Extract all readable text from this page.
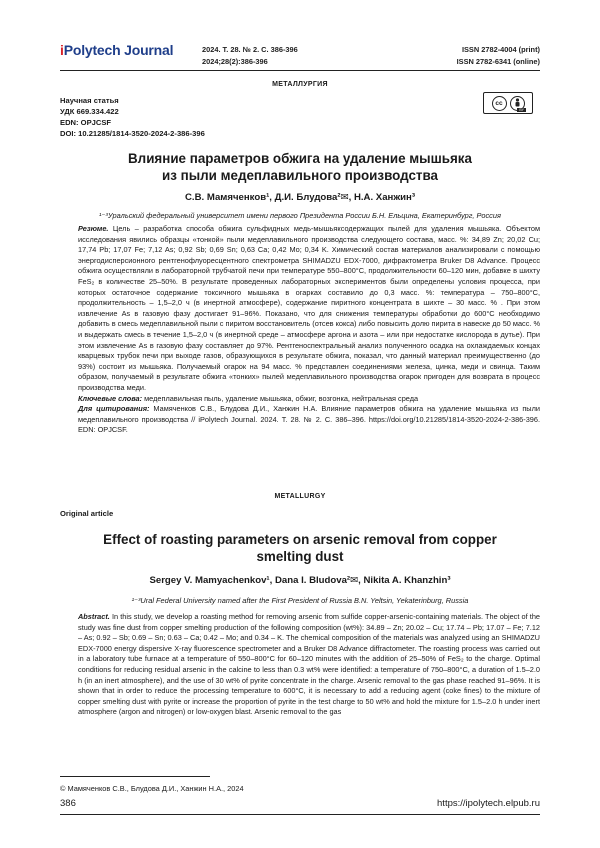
iPolytech Journal	2024. Т. 28. № 2. С. 386-396
2024;28(2):386-396
ISSN 2782-4004 (print)
ISSN 2782-6341 (online)
МЕТАЛЛУРГИЯ
Научная статья
УДК 669.334.422
EDN: OPJCSF
DOI: 10.21285/1814-3520-2024-2-386-396
cc
BY
Влияние параметров обжига на удаление мышьяка
из пыли медеплавильного производства
С.В. Мамяченков¹, Д.И. Блудова²✉, Н.А. Ханжин³
¹⁻³Уральский федеральный университет имени первого Президента России Б.Н. Ельцина, Екатеринбург, Россия

Резюме. Цель – разработка способа обжига сульфидных медь-мышьяксодержащих пылей для удаления мышьяка. Объектом исследования явились образцы «тонкой» пыли медеплавильного производства следующего состава, масс. %: 34,89 Zn; 20,02 Cu; 17,74 Pb; 17,07 Fe; 7,12 As; 0,92 Sb; 0,69 Sn; 0,63 Ca; 0,42 Mo; 0,34 K. Химический состав материалов анализировали с помощью энергодисперсионного рентгенофлуоресцентного спектрометра SHIMADZU EDX-7000, дифрактометра Bruker D8 Advance. Процесс обжига осуществляли в лабораторной трубчатой печи при температуре 550–800°C, продолжительности 60–120 мин, добавке в шихту FeS₂ в количестве 25–50%. В результате проведенных лабораторных экспериментов были определены условия процесса, при которых остаточное содержание токсичного мышьяка в огарках составило до 0,3 масс. %: температура – 750–800°C, продолжительность – 1,5–2,0 ч (в инертной атмосфере), содержание пиритного концентрата в шихте – 30 масс. % . При этом извлечение As в газовую фазу достигает 91–96%. Показано, что для снижения температуры обработки до 600°C необходимо добавить в смесь медеплавильной пыли с пиритом восстановитель (отсев кокса) либо повысить долю пирита в навеске до 50 масс. % и выдержать смесь в течение 1,5–2,0 ч (в инертной среде – атмосфере аргона и азота – или при недостатке кислорода в дутье). При этом извлечение As в газовую фазу составляет до 97%. Рентгеноспектральный анализ полученного осадка на охлаждаемых концах кварцевых трубок печи при выходе газов, образующихся в результате обжига, показал, что данный материал преимущественно (до 93%) состоит из мышьяка. Получаемый огарок на 94 масс. % представлен соединениями железа, цинка, меди и свинца. Таким образом, получаемый в результате обжига «тонких» пылей медеплавильного производства огарок пригоден для возврата в процесс производства меди.

Ключевые слова: медеплавильная пыль, удаление мышьяка, обжиг, возгонка, нейтральная среда

Для цитирования: Мамяченков С.В., Блудова Д.И., Ханжин Н.А. Влияние параметров обжига на удаление мышьяка из пыли медеплавильного производства // iPolytech Journal. 2024. Т. 28. № 2. С. 386–396. https://doi.org/10.21285/1814-3520-2024-2-386-396. EDN: OPJCSF.

METALLURGY
Original article
Effect of roasting parameters on arsenic removal from copper
smelting dust
Sergey V. Mamyachenkov¹, Dana I. Bludova²✉, Nikita A. Khanzhin³
¹⁻³Ural Federal University named after the First President of Russia B.N. Yeltsin, Yekaterinburg, Russia

Abstract. In this study, we develop a roasting method for removing arsenic from sulfide copper-arsenic-containing materials. The object of the study was fine dust from copper smelting production of the following composition (wt%): 34.89 – Zn; 20.02 – Cu; 17.74 – Pb; 17.07 – Fe; 7.12 – As; 0.92 – Sb; 0.69 – Sn; 0.63 – Ca; 0.42 – Mo; and 0.34 – K. The chemical composition of the materials was analyzed using an SHIMADZU EDX-7000 energy dispersive X-ray fluorescence spectrometer and a Bruker D8 Advance diffractometer. The roasting process was carried out in a laboratory tube furnace at a temperature of 550–800°C for 60–120 minutes with the addition of 25–50% of FeS₂ to the charge. Optimal conditions for reducing residual arsenic in the calcine to less than 0.3 wt% were identified: a temperature of 750–800°C, a duration of 1.5–2.0 h (in an inert atmosphere), and the use of 30 wt% of pyrite concentrate in the charge. Arsenic removal to the gas phase reached 91–96%. It is shown that in order to reduce the processing temperature to 600°C, it is necessary to add a reducing agent (coke fines) to the mixture of copper smelting dust with pyrite or increase the proportion of pyrite in the test charge to 50 wt% and hold the mixture for 1.5–2.0 h under inert atmosphere (argon and nitrogen) or low-oxygen blast. Arsenic removal to the gas

© Мамяченков С.В., Блудова Д.И., Ханжин Н.А., 2024
386	https://ipolytech.elpub.ru
